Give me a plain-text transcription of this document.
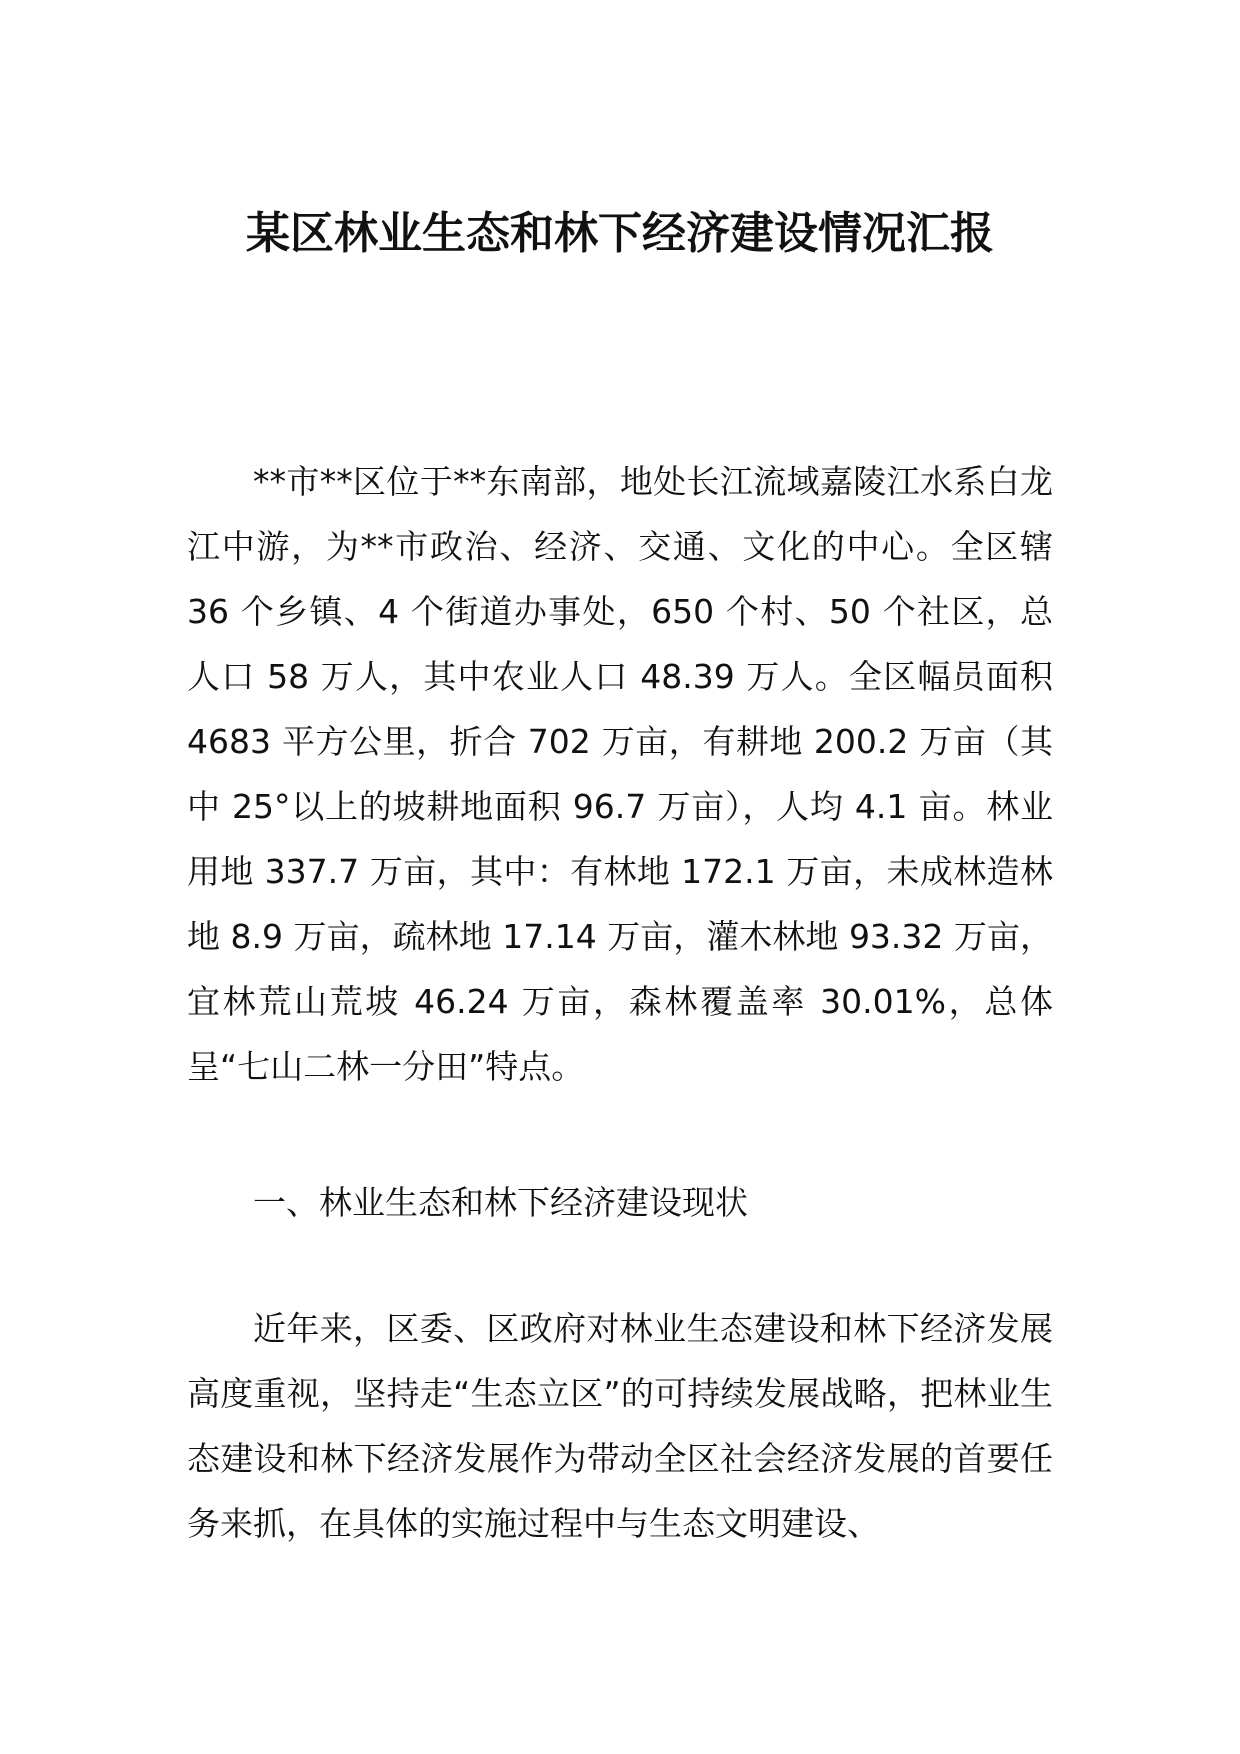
某区林业生态和林下经济建设情况汇报

**市**区位于**东南部，地处长江流域嘉陵江水系白龙江中游，为**市政治、经济、交通、文化的中心。全区辖 36 个乡镇、4 个街道办事处，650 个村、50 个社区，总人口 58 万人，其中农业人口 48.39 万人。全区幅员面积 4683 平方公里，折合 702 万亩，有耕地 200.2 万亩（其中 25°以上的坡耕地面积 96.7 万亩），人均 4.1 亩。林业用地 337.7 万亩，其中：有林地 172.1 万亩，未成林造林地 8.9 万亩，疏林地 17.14 万亩，灌木林地 93.32 万亩，宜林荒山荒坡 46.24 万亩，森林覆盖率 30.01%，总体呈“七山二林一分田”特点。

一、林业生态和林下经济建设现状

近年来，区委、区政府对林业生态建设和林下经济发展高度重视，坚持走“生态立区”的可持续发展战略，把林业生态建设和林下经济发展作为带动全区社会经济发展的首要任务来抓，在具体的实施过程中与生态文明建设、
